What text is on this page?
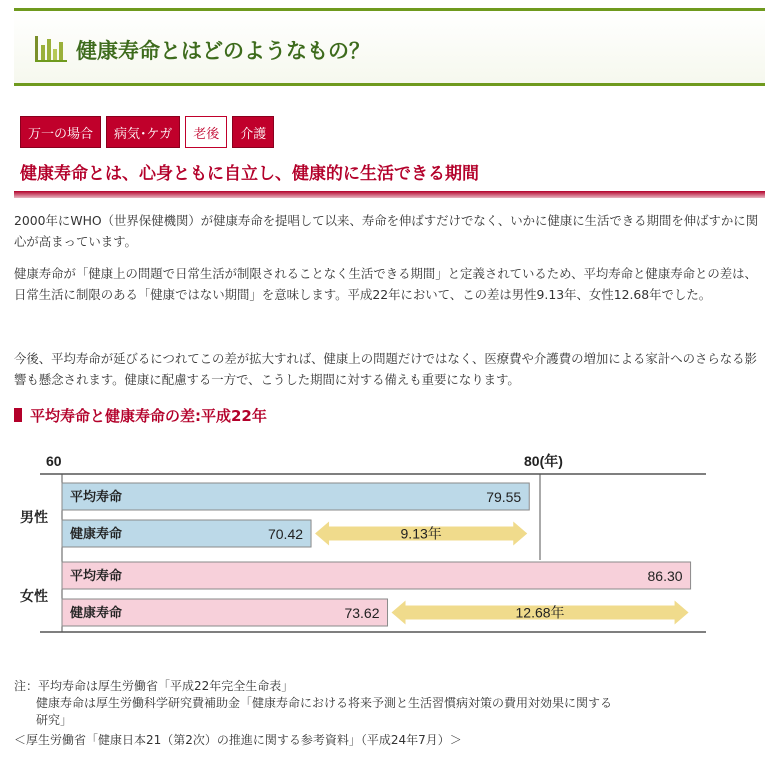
健康寿命とはどのようなもの？
万一の場合	病気･ケガ	老後	介護
健康寿命とは、心身ともに自立し、健康的に生活できる期間

2000年にWHO（世界保健機関）が健康寿命を提唱して以来、寿命を伸ばすだけでなく、いかに健康に生活できる期間を伸ばすかに関心が高まっています。

健康寿命が「健康上の問題で日常生活が制限されることなく生活できる期間」と定義されているため、平均寿命と健康寿命との差は、日常生活に制限のある「健康ではない期間」を意味します。平成22年において、この差は男性9.13年、女性12.68年でした。

今後、平均寿命が延びるにつれてこの差が拡大すれば、健康上の問題だけではなく、医療費や介護費の増加による家計へのさらなる影響も懸念されます。健康に配慮する一方で、こうした期間に対する備えも重要になります。

平均寿命と健康寿命の差:平成22年
60	80(年)
男性
平均寿命	79.55
健康寿命	70.42	9.13年
女性
平均寿命	86.30
健康寿命	73.62	12.68年
注：平均寿命は厚生労働省「平成22年完全生命表」
健康寿命は厚生労働科学研究費補助金「健康寿命における将来予測と生活習慣病対策の費用対効果に関する
研究」
＜厚生労働省「健康日本21（第2次）の推進に関する参考資料」（平成24年7月）＞
